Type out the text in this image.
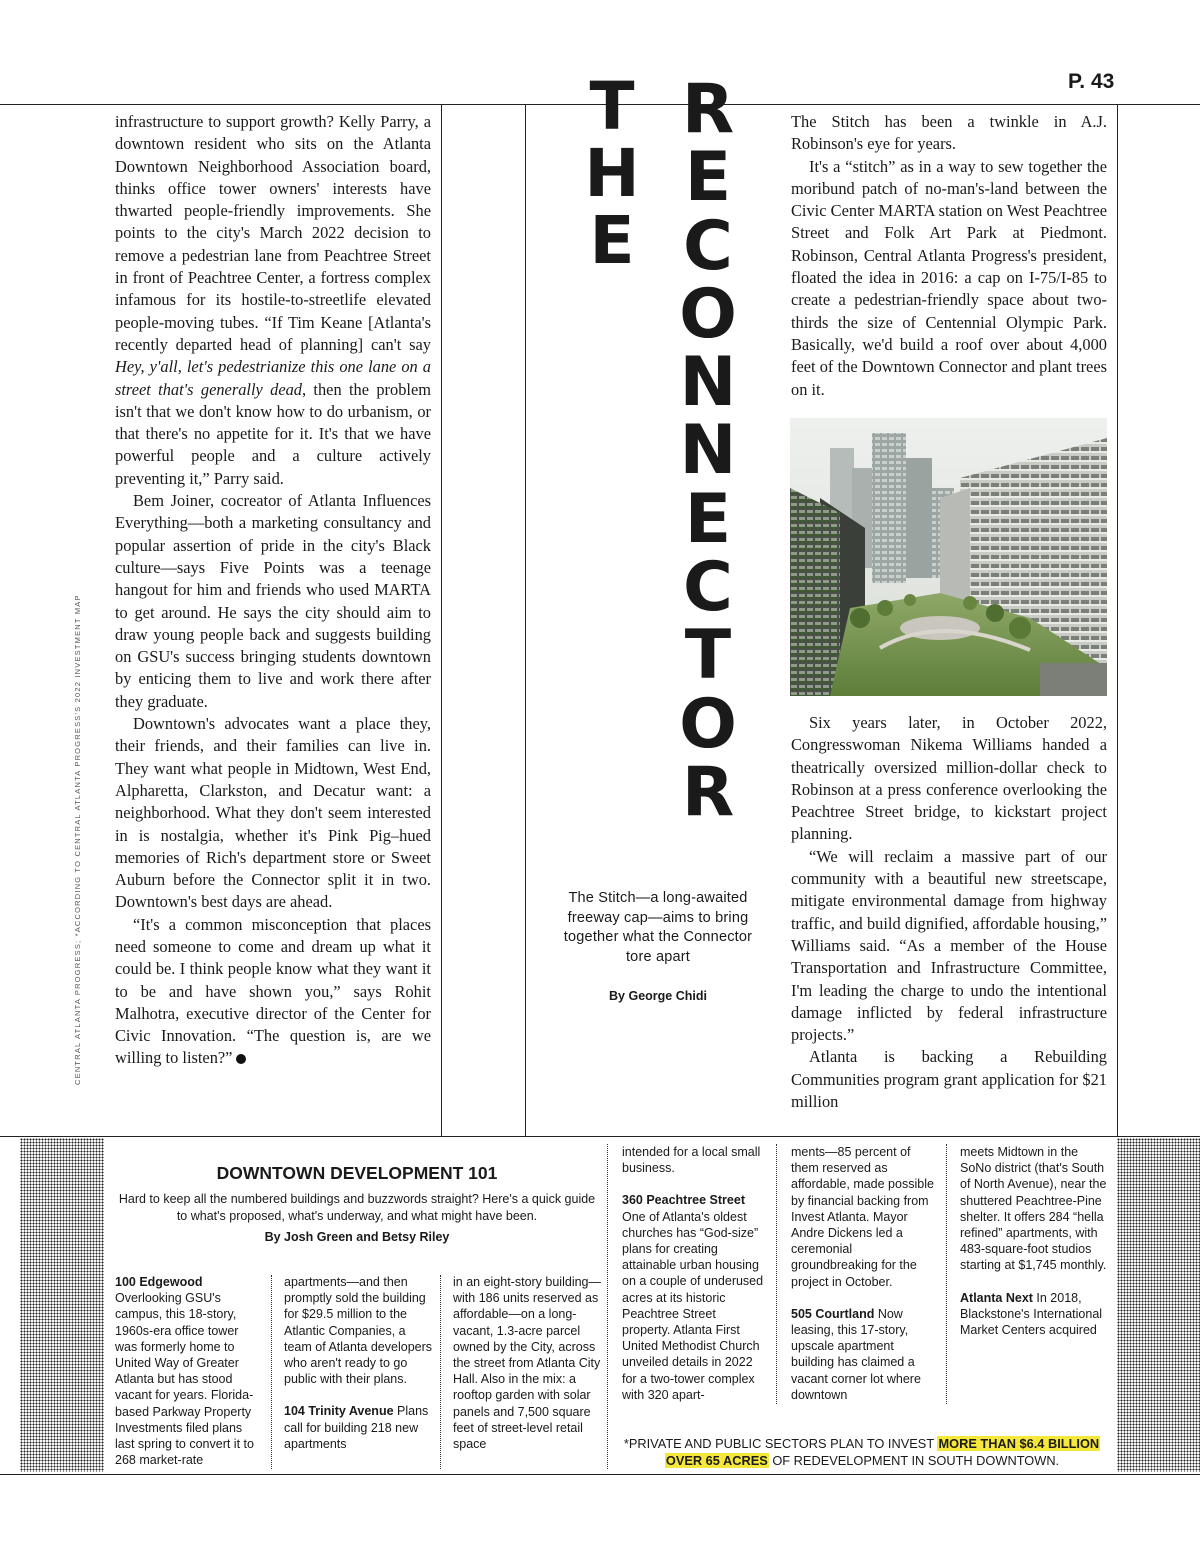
P. 43
CENTRAL ATLANTA PROGRESS; *ACCORDING TO CENTRAL ATLANTA PROGRESS'S 2022 INVESTMENT MAP

infrastructure to support growth? Kelly Parry, a downtown resident who sits on the Atlanta Downtown Neighborhood Association board, thinks office tower owners' interests have thwarted people-friendly improvements. She points to the city's March 2022 decision to remove a pedestrian lane from Peachtree Street in front of Peachtree Center, a fortress complex infamous for its hostile-to-streetlife elevated people-moving tubes. “If Tim Keane [Atlanta's recently departed head of planning] can't say Hey, y'all, let's pedestrianize this one lane on a street that's generally dead, then the problem isn't that we don't know how to do urbanism, or that there's no appetite for it. It's that we have powerful people and a culture actively preventing it,” Parry said.

Bem Joiner, cocreator of Atlanta Influences Everything—both a marketing consultancy and popular assertion of pride in the city's Black culture—says Five Points was a teenage hangout for him and friends who used MARTA to get around. He says the city should aim to draw young people back and suggests building on GSU's success bringing students downtown by enticing them to live and work there after they graduate.

Downtown's advocates want a place they, their friends, and their families can live in. They want what people in Midtown, West End, Alpharetta, Clarkston, and Decatur want: a neighborhood. What they don't seem interested in is nostalgia, whether it's Pink Pig–hued memories of Rich's department store or Sweet Auburn before the Connector split it in two. Downtown's best days are ahead.

“It's a common misconception that places need someone to come and dream up what it could be. I think people know what they want it to be and have shown you,” says Rohit Malhotra, executive director of the Center for Civic Innovation. “The question is, are we willing to listen?”

T
H
E
R
E
C
O
N
N
E
C
T
O
R
The Stitch—a long-awaited freeway cap—aims to bring together what the Connector tore apart
By George Chidi

The Stitch has been a twinkle in A.J. Robinson's eye for years.

It's a “stitch” as in a way to sew together the moribund patch of no-man's-land between the Civic Center MARTA station on West Peachtree Street and Folk Art Park at Piedmont. Robinson, Central Atlanta Progress's president, floated the idea in 2016: a cap on I-75/I-85 to create a pedestrian-friendly space about two-thirds the size of Centennial Olympic Park. Basically, we'd build a roof over about 4,000 feet of the Downtown Connector and plant trees on it.

Six years later, in October 2022, Congresswoman Nikema Williams handed a theatrically oversized million-dollar check to Robinson at a press conference overlooking the Peachtree Street bridge, to kickstart project planning.

“We will reclaim a massive part of our community with a beautiful new streetscape, mitigate environmental damage from highway traffic, and build dignified, affordable housing,” Williams said. “As a member of the House Transportation and Infrastructure Committee, I'm leading the charge to undo the intentional damage inflicted by federal infrastructure projects.”

Atlanta is backing a Rebuilding Communities program grant application for $21 million

DOWNTOWN DEVELOPMENT 101
Hard to keep all the numbered buildings and buzzwords straight? Here's a quick guide to what's proposed, what's underway, and what might have been.
By Josh Green and Betsy Riley

100 Edgewood Overlooking GSU's campus, this 18-story, 1960s-era office tower was formerly home to United Way of Greater Atlanta but has stood vacant for years. Florida-based Parkway Property Investments filed plans last spring to convert it to 268 market-rate

apartments—and then promptly sold the building for $29.5 million to the Atlantic Companies, a team of Atlanta developers who aren't ready to go public with their plans.

104 Trinity Avenue Plans call for building 218 new apartments

in an eight-story building—with 186 units reserved as affordable—on a long-vacant, 1.3-acre parcel owned by the City, across the street from Atlanta City Hall. Also in the mix: a rooftop garden with solar panels and 7,500 square feet of street-level retail space

intended for a local small business.

360 Peachtree Street One of Atlanta's oldest churches has “God-size” plans for creating attainable urban housing on a couple of underused acres at its historic Peachtree Street property. Atlanta First United Methodist Church unveiled details in 2022 for a two-tower complex with 320 apart-

ments—85 percent of them reserved as affordable, made possible by financial backing from Invest Atlanta. Mayor Andre Dickens led a ceremonial groundbreaking for the project in October.

505 Courtland Now leasing, this 17-story, upscale apartment building has claimed a vacant corner lot where downtown

meets Midtown in the SoNo district (that's South of North Avenue), near the shuttered Peachtree-Pine shelter. It offers 284 “hella refined” apartments, with 483-square-foot studios starting at $1,745 monthly.

Atlanta Next In 2018, Blackstone's International Market Centers acquired

*PRIVATE AND PUBLIC SECTORS PLAN TO INVEST MORE THAN $6.4 BILLION
OVER 65 ACRES OF REDEVELOPMENT IN SOUTH DOWNTOWN.
